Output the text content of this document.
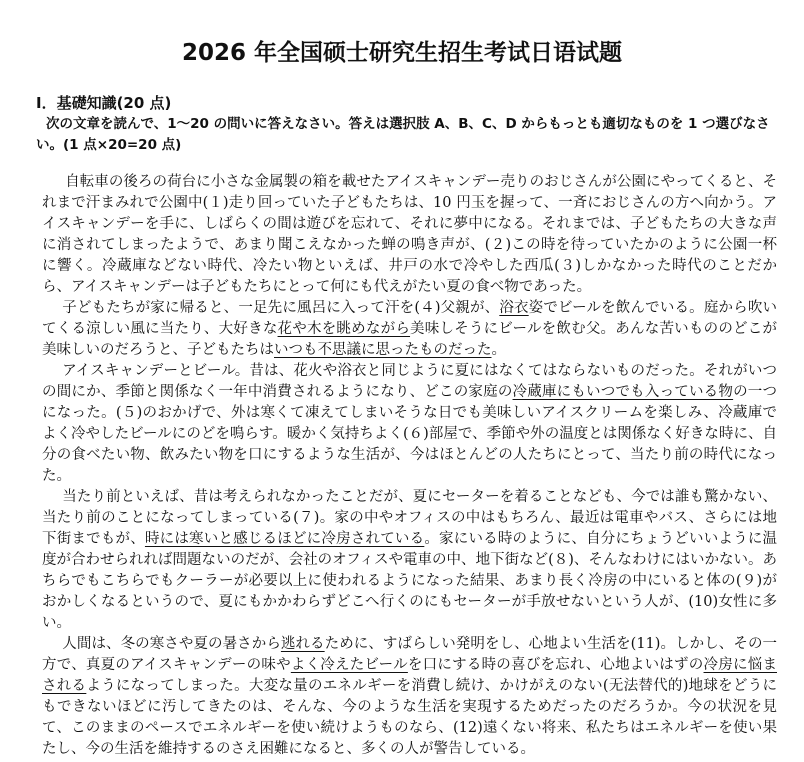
2026 年全国硕士研究生招生考试日语试题
Ⅰ．基礎知識(20 点)
次の文章を読んで、1～20 の問いに答えなさい。答えは選択肢 A、B、C、D からもっとも適切なものを 1 つ選びなさい。(1 点×20=20 点)

自転車の後ろの荷台に小さな金属製の箱を載せたアイスキャンデー売りのおじさんが公園にやってくると、それまで汗まみれで公園中(１)走り回っていた子どもたちは、10 円玉を握って、一斉におじさんの方へ向かう。アイスキャンデーを手に、しばらくの間は遊びを忘れて、それに夢中になる。それまでは、子どもたちの大きな声に消されてしまったようで、あまり聞こえなかった蝉の鳴き声が、(２)この時を待っていたかのように公園一杯に響く。冷蔵庫などない時代、冷たい物といえば、井戸の水で冷やした西瓜(３)しかなかった時代のことだから、アイスキャンデーは子どもたちにとって何にも代えがたい夏の食べ物であった。

子どもたちが家に帰ると、一足先に風呂に入って汗を(４)父親が、浴衣姿でビールを飲んでいる。庭から吹いてくる涼しい風に当たり、大好きな花や木を眺めながら美味しそうにビールを飲む父。あんな苦いもののどこが美味しいのだろうと、子どもたちはいつも不思議に思ったものだった。

アイスキャンデーとビール。昔は、花火や浴衣と同じように夏にはなくてはならないものだった。それがいつの間にか、季節と関係なく一年中消費されるようになり、どこの家庭の冷蔵庫にもいつでも入っている物の一つになった。(５)のおかげで、外は寒くて凍えてしまいそうな日でも美味しいアイスクリームを楽しみ、冷蔵庫でよく冷やしたビールにのどを鳴らす。暖かく気持ちよく(６)部屋で、季節や外の温度とは関係なく好きな時に、自分の食べたい物、飲みたい物を口にするような生活が、今はほとんどの人たちにとって、当たり前の時代になった。

当たり前といえば、昔は考えられなかったことだが、夏にセーターを着ることなども、今では誰も驚かない、当たり前のことになってしまっている(７)。家の中やオフィスの中はもちろん、最近は電車やバス、さらには地下街までもが、時には寒いと感じるほどに冷房されている。家にいる時のように、自分にちょうどいいように温度が合わせられれば問題ないのだが、会社のオフィスや電車の中、地下街など(８)、そんなわけにはいかない。あちらでもこちらでもクーラーが必要以上に使われるようになった結果、あまり長く冷房の中にいると体の(９)がおかしくなるというので、夏にもかかわらずどこへ行くのにもセーターが手放せないという人が、(10)女性に多い。

人間は、冬の寒さや夏の暑さから逃れるために、すばらしい発明をし、心地よい生活を(11)。しかし、その一方で、真夏のアイスキャンデーの味やよく冷えたビールを口にする時の喜びを忘れ、心地よいはずの冷房に悩まされるようになってしまった。大変な量のエネルギーを消費し続け、かけがえのない(无法替代的)地球をどうにもできないほどに汚してきたのは、そんな、今のような生活を実現するためだったのだろうか。今の状況を見て、このままのペースでエネルギーを使い続けようものなら、(12)遠くない将来、私たちはエネルギーを使い果たし、今の生活を維持するのさえ困難になると、多くの人が警告している。
